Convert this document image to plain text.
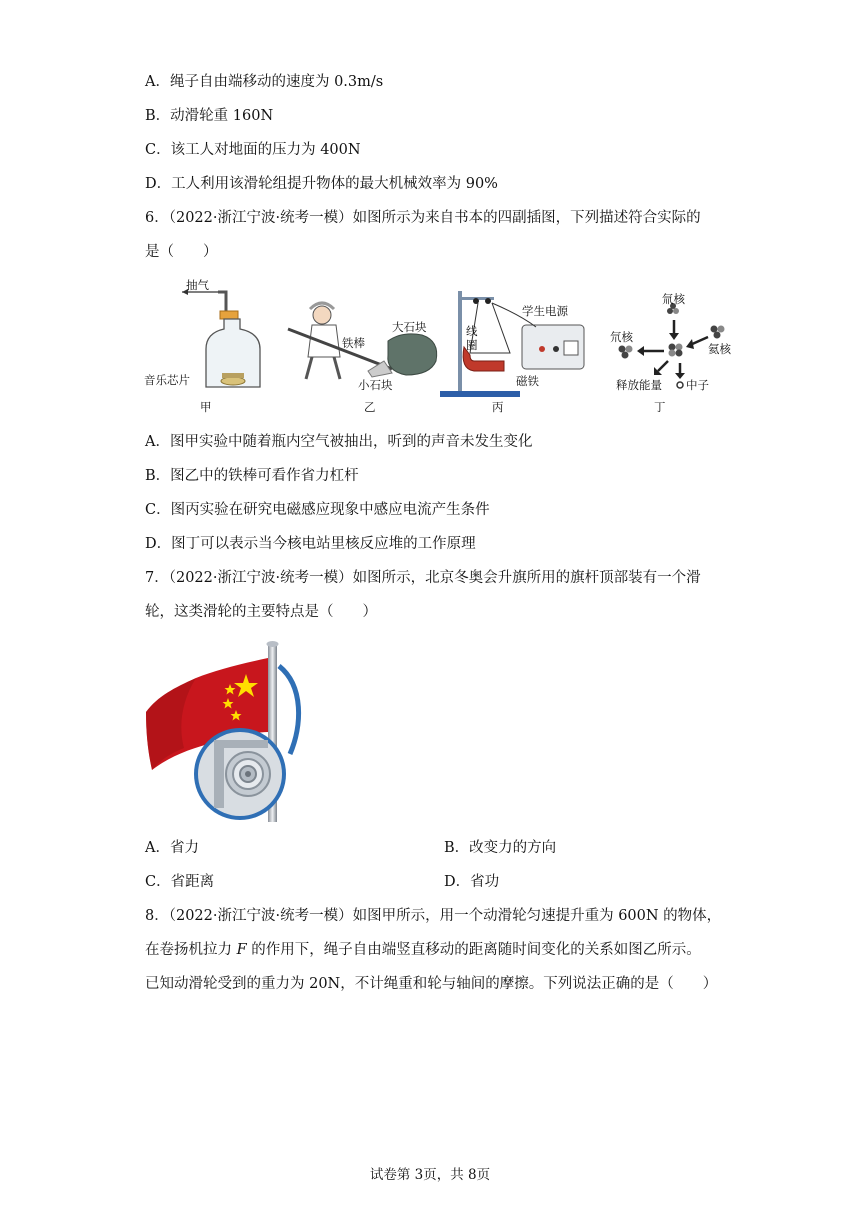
A．绳子自由端移动的速度为 0.3m/s
B．动滑轮重 160N
C．该工人对地面的压力为 400N
D．工人利用该滑轮组提升物体的最大机械效率为 90%
6．（2022·浙江宁波·统考一模）如图所示为来自书本的四副插图，下列描述符合实际的
是（　　）
抽气
音乐芯片
甲
铁棒
大石块
小石块
乙
线
圈
学生电源
磁铁
丙
氚核
氘核
氦核
释放能量 中子
丁
A．图甲实验中随着瓶内空气被抽出，听到的声音未发生变化
B．图乙中的铁棒可看作省力杠杆
C．图丙实验在研究电磁感应现象中感应电流产生条件
D．图丁可以表示当今核电站里核反应堆的工作原理
7．（2022·浙江宁波·统考一模）如图所示，北京冬奥会升旗所用的旗杆顶部装有一个滑
轮，这类滑轮的主要特点是（　　）
A．省力	B．改变力的方向
C．省距离	D．省功
8．（2022·浙江宁波·统考一模）如图甲所示，用一个动滑轮匀速提升重为 600N 的物体，
在卷扬机拉力 F 的作用下，绳子自由端竖直移动的距离随时间变化的关系如图乙所示。
已知动滑轮受到的重力为 20N，不计绳重和轮与轴间的摩擦。下列说法正确的是（　　）
试卷第 3页，共 8页
